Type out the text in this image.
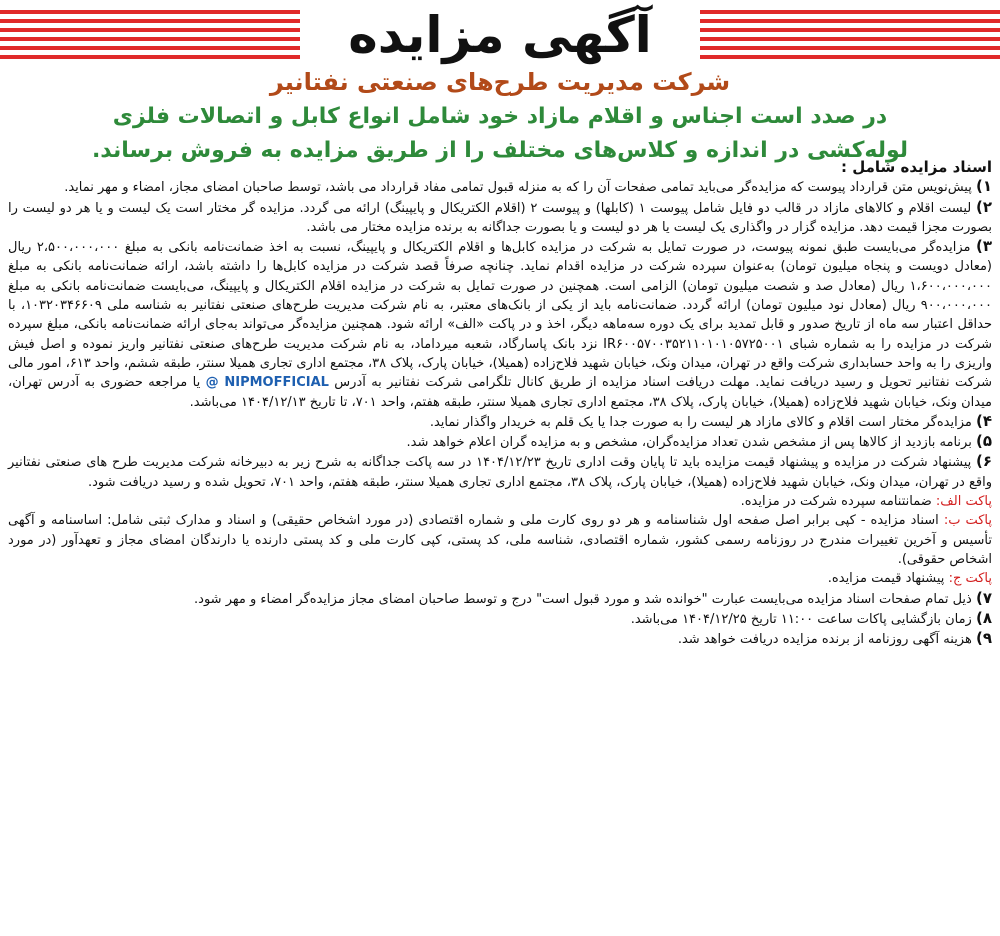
آگهی مزایده
شرکت مدیریت طرح‌های صنعتی نفتانیر
در صدد است اجناس و اقلام مازاد خود شامل انواع کابل و اتصالات فلزی لوله‌کشی در اندازه و کلاس‌های مختلف را از طریق مزایده به فروش برساند.

اسناد مزایده شامل :

۱) پیش‌نویس متن قرارداد پیوست که مزایده‌گر می‌باید تمامی صفحات آن را که به منزله قبول تمامی مفاد قرارداد می باشد، توسط صاحبان امضای مجاز، امضاء و مهر نماید.

۲) لیست اقلام و کالاهای مازاد در قالب دو فایل شامل پیوست ۱ (کابلها) و پیوست ۲ (اقلام الکتریکال و پایپینگ) ارائه می گردد. مزایده گر مختار است یک لیست و یا هر دو لیست را بصورت مجزا قیمت دهد. مزایده گزار در واگذاری یک لیست یا هر دو لیست و یا بصورت جداگانه به برنده مزایده مختار می باشد.

۳) مزایده‌گر می‌بایست طبق نمونه پیوست، در صورت تمایل به شرکت در مزایده کابل‌ها و اقلام الکتریکال و پایپینگ، نسبت به اخذ ضمانت‌نامه بانکی به مبلغ ۲،۵۰۰،۰۰۰،۰۰۰ ریال (معادل دویست و پنجاه میلیون تومان) به‌عنوان سپرده شرکت در مزایده اقدام نماید. چنانچه صرفاً قصد شرکت در مزایده کابل‌ها را داشته باشد، ارائه ضمانت‌نامه بانکی به مبلغ ۱،۶۰۰،۰۰۰،۰۰۰ ریال (معادل صد و شصت میلیون تومان) الزامی است. همچنین در صورت تمایل به شرکت در مزایده اقلام الکتریکال و پایپینگ، می‌بایست ضمانت‌نامه بانکی به مبلغ ۹۰۰،۰۰۰،۰۰۰ ریال (معادل نود میلیون تومان) ارائه گردد. ضمانت‌نامه باید از یکی از بانک‌های معتبر، به نام شرکت مدیریت طرح‌های صنعتی نفتانیر به شناسه ملی ۱۰۳۲۰۳۴۶۶۰۹، با حداقل اعتبار سه ماه از تاریخ صدور و قابل تمدید برای یک دوره سه‌ماهه دیگر، اخذ و در پاکت «الف» ارائه شود. همچنین مزایده‌گر می‌تواند به‌جای ارائه ضمانت‌نامه بانکی، مبلغ سپرده شرکت در مزایده را به شماره شبای IR۶۰۰۵۷۰۰۳۵۲۱۱۰۱۰۱۰۵۷۲۵۰۰۱ نزد بانک پاسارگاد، شعبه میرداماد، به نام شرکت مدیریت طرح‌های صنعتی نفتانیر واریز نموده و اصل فیش واریزی را به واحد حسابداری شرکت واقع در تهران، میدان ونک، خیابان شهید فلاح‌زاده (همیلا)، خیابان پارک، پلاک ۳۸، مجتمع اداری تجاری همیلا سنتر، طبقه ششم، واحد ۶۱۳، امور مالی شرکت نفتانیر تحویل و رسید دریافت نماید. مهلت دریافت اسناد مزایده از طریق کانال تلگرامی شرکت نفتانیر به آدرس NIPMOFFICIAL @ یا مراجعه حضوری به آدرس تهران، میدان ونک، خیابان شهید فلاح‌زاده (همیلا)، خیابان پارک، پلاک ۳۸، مجتمع اداری تجاری همیلا سنتر، طبقه هفتم، واحد ۷۰۱، تا تاریخ ۱۴۰۴/۱۲/۱۳ می‌باشد.

۴) مزایده‌گر مختار است اقلام و کالای مازاد هر لیست را به صورت جدا یا یک قلم به خریدار واگذار نماید.

۵) برنامه بازدید از کالاها پس از مشخص شدن تعداد مزایده‌گران، مشخص و به مزایده گران اعلام خواهد شد.

۶) پیشنهاد شرکت در مزایده و پیشنهاد قیمت مزایده باید تا پایان وقت اداری تاریخ ۱۴۰۴/۱۲/۲۳ در سه پاکت جداگانه به شرح زیر به دبیرخانه شرکت مدیریت طرح های صنعتی نفتانیر واقع در تهران، میدان ونک، خیابان شهید فلاح‌زاده (همیلا)، خیابان پارک، پلاک ۳۸، مجتمع اداری تجاری همیلا سنتر، طبقه هفتم، واحد ۷۰۱، تحویل شده و رسید دریافت شود.

پاکت الف: ضمانتنامه سپرده شرکت در مزایده.

پاکت ب: اسناد مزایده - کپی برابر اصل صفحه اول شناسنامه و هر دو روی کارت ملی و شماره اقتصادی (در مورد اشخاص حقیقی) و اسناد و مدارک ثبتی شامل: اساسنامه و آگهی تأسیس و آخرین تغییرات مندرج در روزنامه رسمی کشور، شماره اقتصادی، شناسه ملی، کد پستی، کپی کارت ملی و کد پستی دارنده یا دارندگان امضای مجاز و تعهدآور (در مورد اشخاص حقوقی).

پاکت ج: پیشنهاد قیمت مزایده.

۷) ذیل تمام صفحات اسناد مزایده می‌بایست عبارت "خوانده شد و مورد قبول است" درج و توسط صاحبان امضای مجاز مزایده‌گر امضاء و مهر شود.

۸) زمان بازگشایی پاکات ساعت ۱۱:۰۰ تاریخ ۱۴۰۴/۱۲/۲۵ می‌باشد.

۹) هزینه آگهی روزنامه از برنده مزایده دریافت خواهد شد.
